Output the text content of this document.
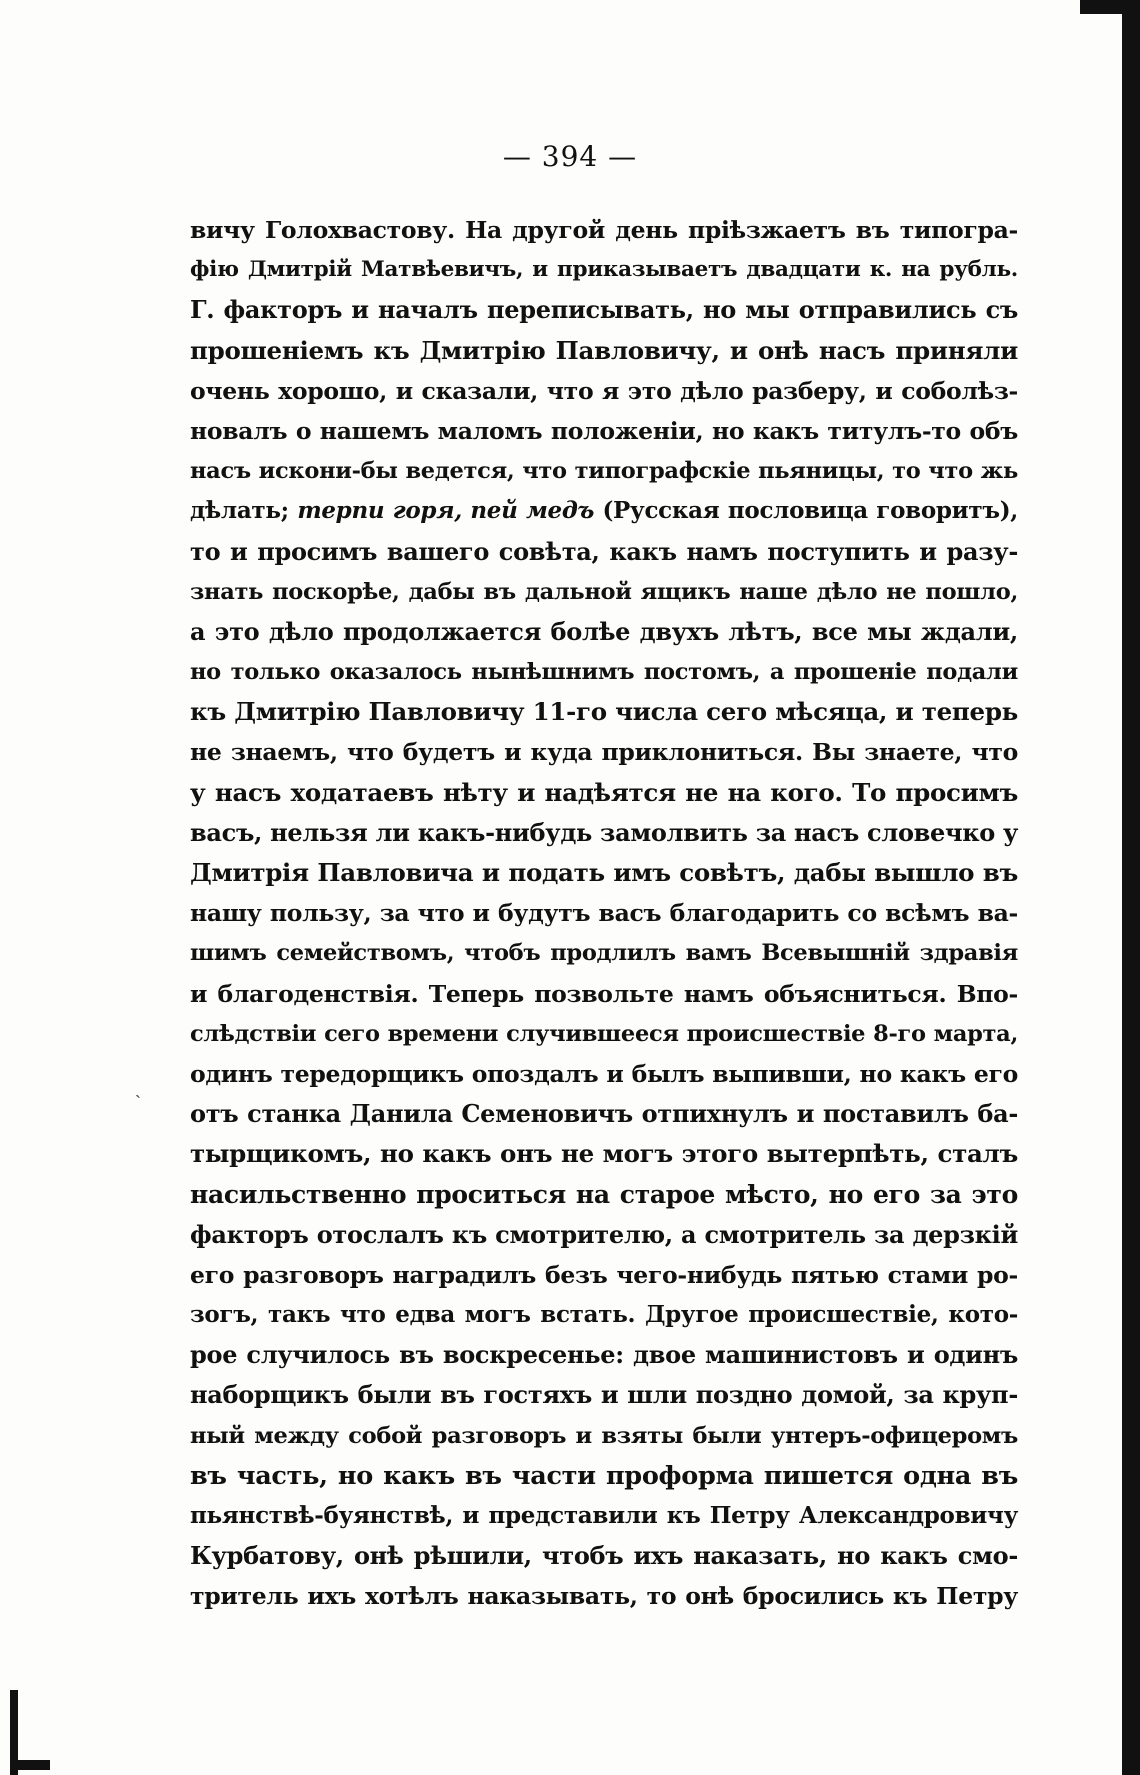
— 394 —
ˎ
вичу Голохвастову. На другой день пріѣзжаетъ въ типогра-
фію Дмитрій Матвѣевичъ, и приказываетъ двадцати к. на рубль.
Г. факторъ и началъ переписывать, но мы отправились съ
прошеніемъ къ Дмитрію Павловичу, и онѣ насъ приняли
очень хорошо, и сказали, что я это дѣло разберу, и соболѣз-
новалъ о нашемъ маломъ положеніи, но какъ титулъ-то объ
насъ искони-бы ведется, что типографскіе пьяницы, то что жь
дѣлать; терпи горя, пей медъ (Русская пословица говоритъ),
то и просимъ вашего совѣта, какъ намъ поступить и разу-
знать поскорѣе, дабы въ дальной ящикъ наше дѣло не пошло,
а это дѣло продолжается болѣе двухъ лѣтъ, все мы ждали,
но только оказалось нынѣшнимъ постомъ, а прошеніе подали
къ Дмитрію Павловичу 11-го числа сего мѣсяца, и теперь
не знаемъ, что будетъ и куда приклониться. Вы знаете, что
у насъ ходатаевъ нѣту и надѣятся не на кого. То просимъ
васъ, нельзя ли какъ-нибудь замолвить за насъ словечко у
Дмитрія Павловича и подать имъ совѣтъ, дабы вышло въ
нашу пользу, за что и будутъ васъ благодарить со всѣмъ ва-
шимъ семействомъ, чтобъ продлилъ вамъ Всевышній здравія
и благоденствія. Теперь позвольте намъ объясниться. Впо-
слѣдствіи сего времени случившееся происшествіе 8-го марта,
одинъ тередорщикъ опоздалъ и былъ выпивши, но какъ его
отъ станка Данила Семеновичъ отпихнулъ и поставилъ ба-
тырщикомъ, но какъ онъ не могъ этого вытерпѣть, сталъ
насильственно проситься на старое мѣсто, но его за это
факторъ отослалъ къ смотрителю, а смотритель за дерзкій
его разговоръ наградилъ безъ чего-нибудь пятью стами ро-
зогъ, такъ что едва могъ встать. Другое происшествіе, кото-
рое случилось въ воскресенье: двое машинистовъ и одинъ
наборщикъ были въ гостяхъ и шли поздно домой, за круп-
ный между собой разговоръ и взяты были унтеръ-офицеромъ
въ часть, но какъ въ части проформа пишется одна въ
пьянствѣ-буянствѣ, и представили къ Петру Александровичу
Курбатову, онѣ рѣшили, чтобъ ихъ наказать, но какъ смо-
тритель ихъ хотѣлъ наказывать, то онѣ бросились къ Петру
